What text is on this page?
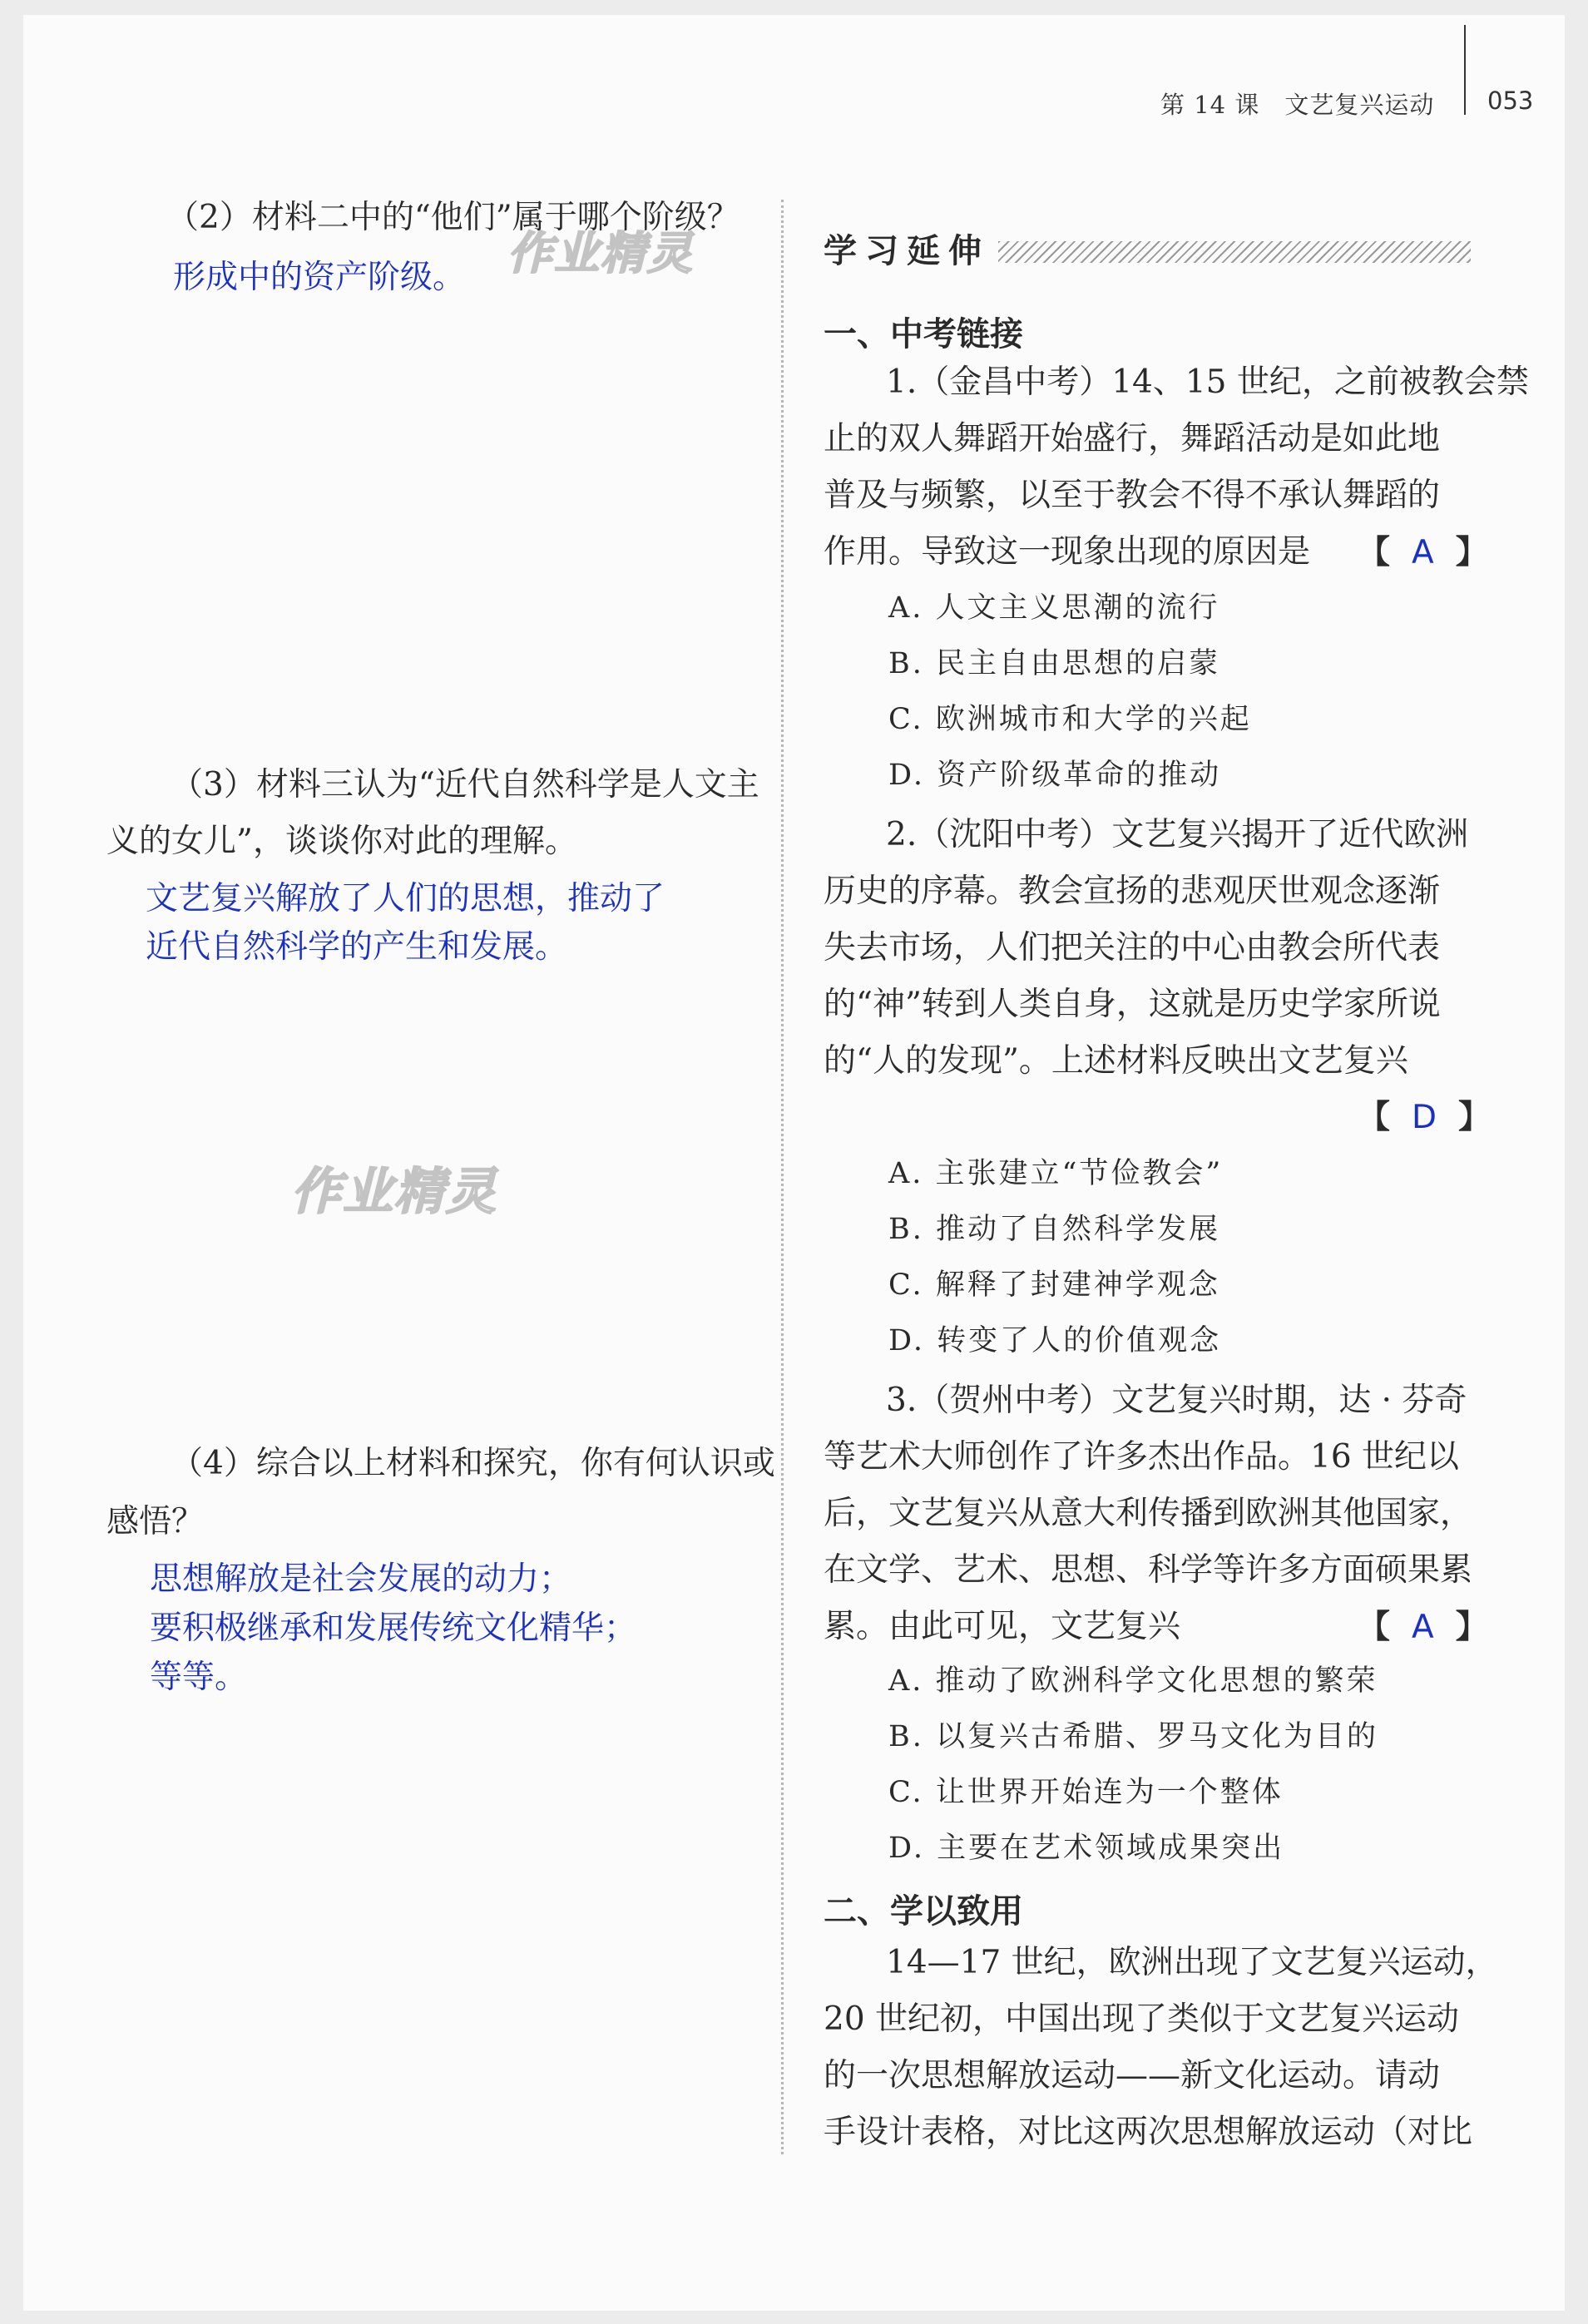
第 14 课　文艺复兴运动 053
作业精灵
作业精灵
（2）材料二中的“他们”属于哪个阶级？
形成中的资产阶级。
（3）材料三认为“近代自然科学是人文主
义的女儿”，谈谈你对此的理解。
文艺复兴解放了人们的思想，推动了
近代自然科学的产生和发展。
（4）综合以上材料和探究，你有何认识或
感悟？
思想解放是社会发展的动力；
要积极继承和发展传统文化精华；
等等。
学习延伸
一、中考链接
1.（金昌中考）14、15 世纪，之前被教会禁
止的双人舞蹈开始盛行，舞蹈活动是如此地
普及与频繁，以至于教会不得不承认舞蹈的
作用。导致这一现象出现的原因是 【 A 】
A. 人文主义思潮的流行
B. 民主自由思想的启蒙
C. 欧洲城市和大学的兴起
D. 资产阶级革命的推动
2.（沈阳中考）文艺复兴揭开了近代欧洲
历史的序幕。教会宣扬的悲观厌世观念逐渐
失去市场，人们把关注的中心由教会所代表
的“神”转到人类自身，这就是历史学家所说
的“人的发现”。上述材料反映出文艺复兴
【 D 】
A. 主张建立“节俭教会”
B. 推动了自然科学发展
C. 解释了封建神学观念
D. 转变了人的价值观念
3.（贺州中考）文艺复兴时期，达 · 芬奇
等艺术大师创作了许多杰出作品。16 世纪以
后，文艺复兴从意大利传播到欧洲其他国家，
在文学、艺术、思想、科学等许多方面硕果累
累。由此可见，文艺复兴	【 A 】
A. 推动了欧洲科学文化思想的繁荣
B. 以复兴古希腊、罗马文化为目的
C. 让世界开始连为一个整体
D. 主要在艺术领域成果突出
二、学以致用
14—17 世纪，欧洲出现了文艺复兴运动，
20 世纪初，中国出现了类似于文艺复兴运动
的一次思想解放运动——新文化运动。请动
手设计表格，对比这两次思想解放运动（对比
